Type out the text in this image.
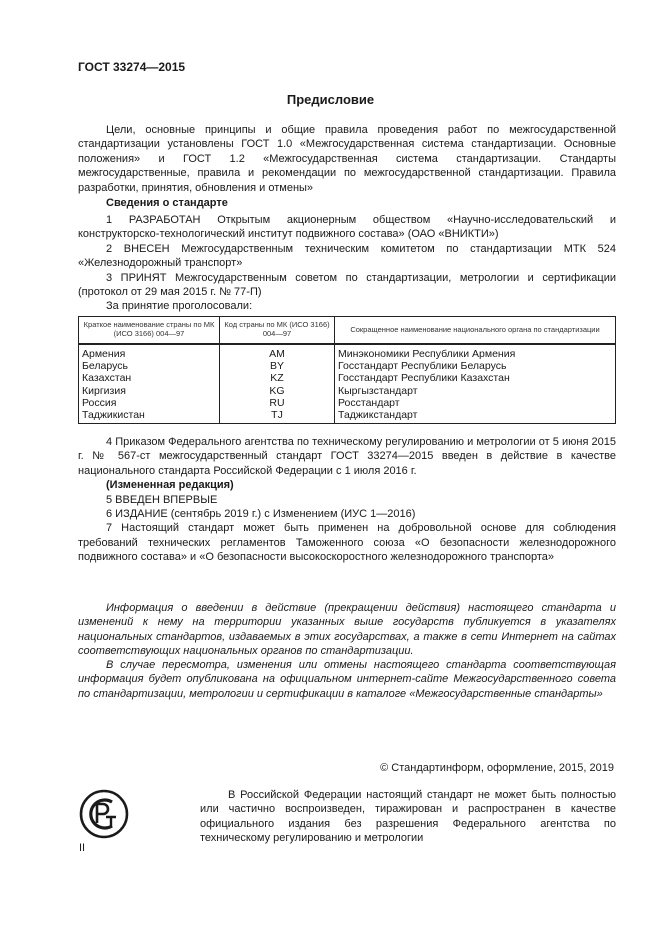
ГОСТ 33274—2015
Предисловие

Цели, основные принципы и общие правила проведения работ по межгосударственной стандартизации установлены ГОСТ 1.0 «Межгосударственная система стандартизации. Основные положения» и ГОСТ 1.2 «Межгосударственная система стандартизации. Стандарты межгосударственные, правила и рекомендации по межгосударственной стандартизации. Правила разработки, принятия, обновления и отмены»

Сведения о стандарте

1 РАЗРАБОТАН Открытым акционерным обществом «Научно-исследовательский и конструкторско-технологический институт подвижного состава» (ОАО «ВНИКТИ»)

2 ВНЕСЕН Межгосударственным техническим комитетом по стандартизации МТК 524 «Железнодорожный транспорт»

3 ПРИНЯТ Межгосударственным советом по стандартизации, метрологии и сертификации (протокол от 29 мая 2015 г. № 77-П)

За принятие проголосовали:

Краткое наименование страны по МК (ИСО 3166) 004—97	Код страны по МК (ИСО 3166) 004—97	Сокращенное наименование национального органа по стандартизации
Армения	AM	Минэкономики Республики Армения
Беларусь	BY	Госстандарт Республики Беларусь
Казахстан	KZ	Госстандарт Республики Казахстан
Киргизия	KG	Кыргызстандарт
Россия	RU	Росстандарт
Таджикистан	TJ	Таджикстандарт

4 Приказом Федерального агентства по техническому регулированию и метрологии от 5 июня 2015 г. № 567-ст межгосударственный стандарт ГОСТ 33274—2015 введен в действие в качестве национального стандарта Российской Федерации с 1 июля 2016 г.

(Измененная редакция)

5 ВВЕДЕН ВПЕРВЫЕ

6 ИЗДАНИЕ (сентябрь 2019 г.) с Изменением (ИУС 1—2016)

7 Настоящий стандарт может быть применен на добровольной основе для соблюдения требований технических регламентов Таможенного союза «О безопасности железнодорожного подвижного состава» и «О безопасности высокоскоростного железнодорожного транспорта»

Информация о введении в действие (прекращении действия) настоящего стандарта и изменений к нему на территории указанных выше государств публикуется в указателях национальных стандартов, издаваемых в этих государствах, а также в сети Интернет на сайтах соответствующих национальных органов по стандартизации.

В случае пересмотра, изменения или отмены настоящего стандарта соответствующая информация будет опубликована на официальном интернет-сайте Межгосударственного совета по стандартизации, метрологии и сертификации в каталоге «Межгосударственные стандарты»

© Стандартинформ, оформление, 2015, 2019

В Российской Федерации настоящий стандарт не может быть полностью или частично воспроизведен, тиражирован и распространен в качестве официального издания без разрешения Федерального агентства по техническому регулированию и метрологии

II
